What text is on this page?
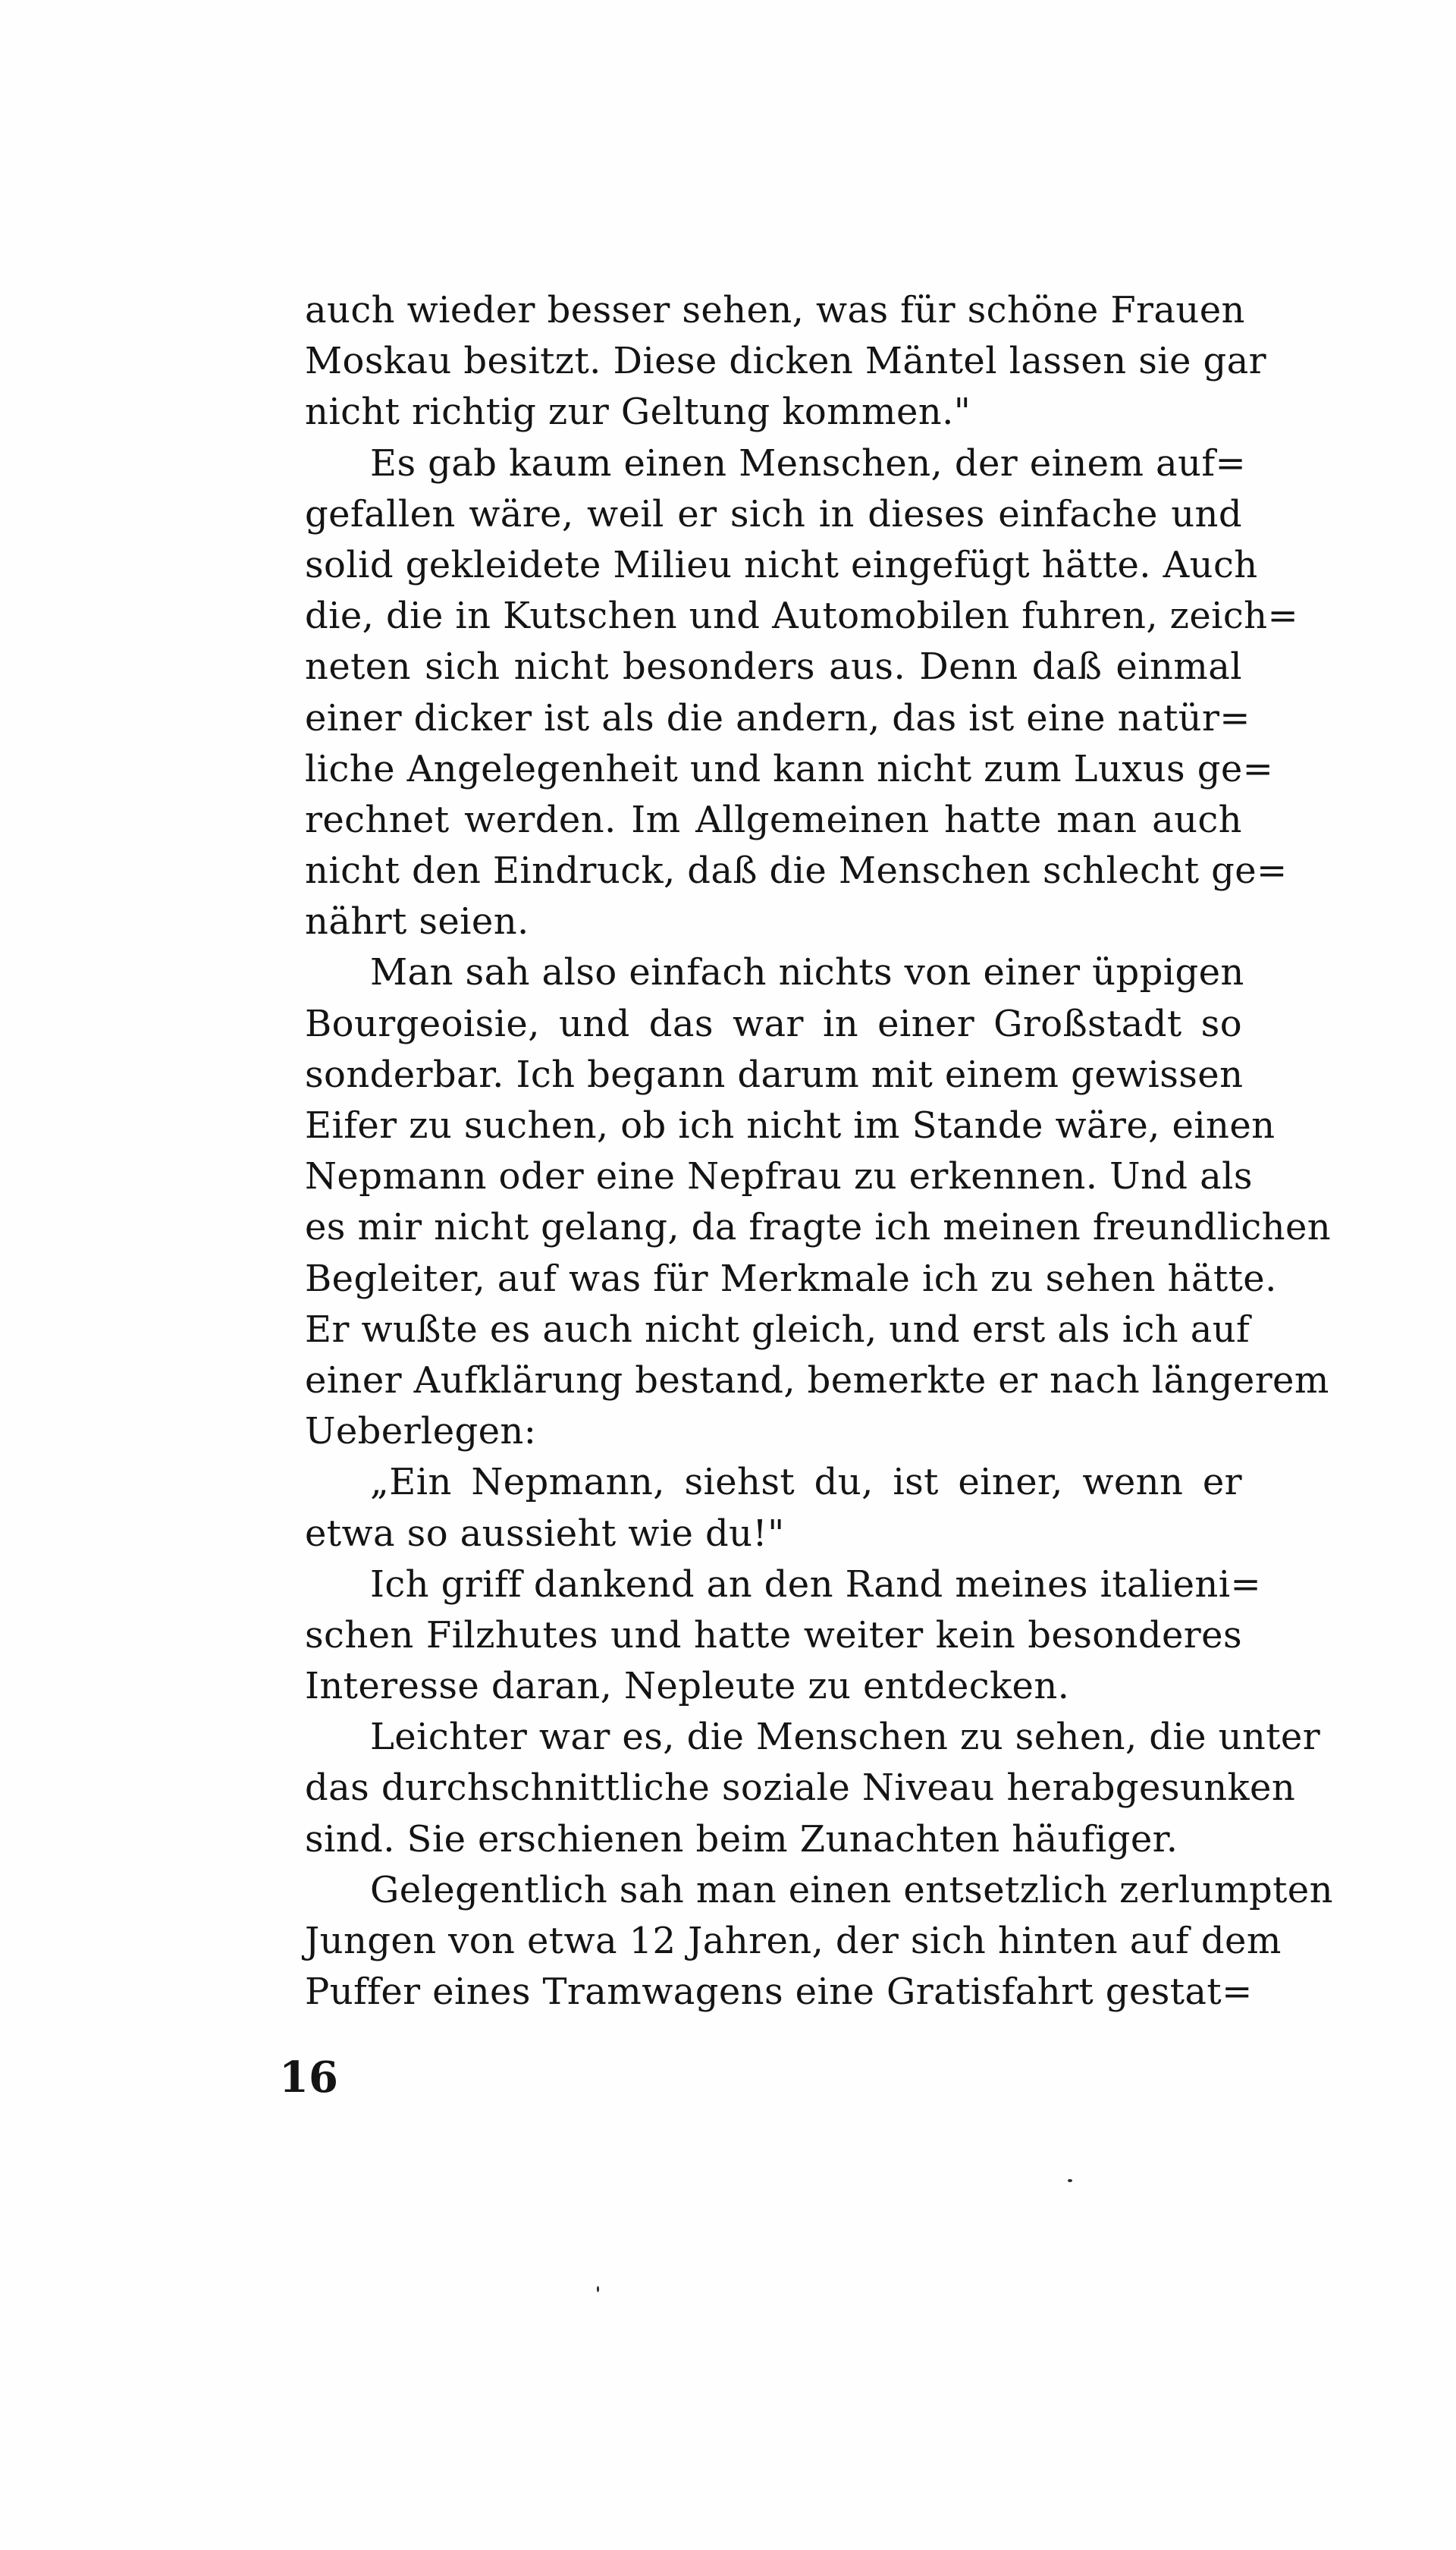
auch wieder besser sehen, was für schöne Frauen
Moskau besitzt. Diese dicken Mäntel lassen sie gar
nicht richtig zur Geltung kommen."
Es gab kaum einen Menschen, der einem auf=
gefallen wäre, weil er sich in dieses einfache und
solid gekleidete Milieu nicht eingefügt hätte. Auch
die, die in Kutschen und Automobilen fuhren, zeich=
neten sich nicht besonders aus. Denn daß einmal
einer dicker ist als die andern, das ist eine natür=
liche Angelegenheit und kann nicht zum Luxus ge=
rechnet werden. Im Allgemeinen hatte man auch
nicht den Eindruck, daß die Menschen schlecht ge=
nährt seien.
Man sah also einfach nichts von einer üppigen
Bourgeoisie, und das war in einer Großstadt so
sonderbar. Ich begann darum mit einem gewissen
Eifer zu suchen, ob ich nicht im Stande wäre, einen
Nepmann oder eine Nepfrau zu erkennen. Und als
es mir nicht gelang, da fragte ich meinen freundlichen
Begleiter, auf was für Merkmale ich zu sehen hätte.
Er wußte es auch nicht gleich, und erst als ich auf
einer Aufklärung bestand, bemerkte er nach längerem
Ueberlegen:
„Ein Nepmann, siehst du, ist einer, wenn er
etwa so aussieht wie du!"
Ich griff dankend an den Rand meines italieni=
schen Filzhutes und hatte weiter kein besonderes
Interesse daran, Nepleute zu entdecken.
Leichter war es, die Menschen zu sehen, die unter
das durchschnittliche soziale Niveau herabgesunken
sind. Sie erschienen beim Zunachten häufiger.
Gelegentlich sah man einen entsetzlich zerlumpten
Jungen von etwa 12 Jahren, der sich hinten auf dem
Puffer eines Tramwagens eine Gratisfahrt gestat=
16
